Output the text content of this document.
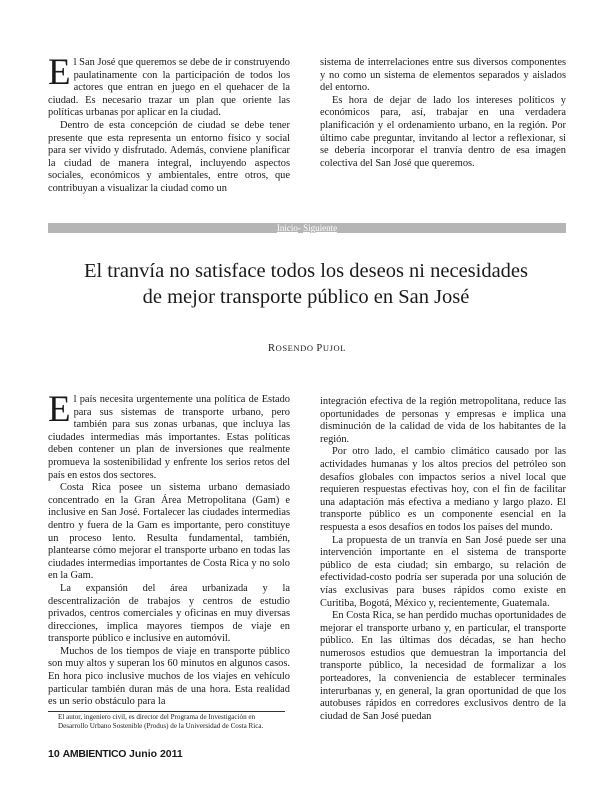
El San José que queremos se debe de ir construyendo paulatinamente con la participación de todos los actores que entran en juego en el quehacer de la ciudad. Es necesario trazar un plan que oriente las políticas urbanas por aplicar en la ciudad.

Dentro de esta concepción de ciudad se debe tener presente que esta representa un entorno físico y social para ser vivido y disfrutado. Además, conviene planificar la ciudad de manera integral, incluyendo aspectos sociales, económicos y ambientales, entre otros, que contribuyan a visualizar la ciudad como un

sistema de interrelaciones entre sus diversos componentes y no como un sistema de elementos separados y aislados del entorno.

Es hora de dejar de lado los intereses políticos y económicos para, así, trabajar en una verdadera planificación y el ordenamiento urbano, en la región. Por último cabe preguntar, invitando al lector a reflexionar, si se debería incorporar el tranvía dentro de esa imagen colectiva del San José que queremos.

Inicio- Siguiente
El tranvía no satisface todos los deseos ni necesidades
de mejor transporte público en San José
ROSENDO PUJOL

El país necesita urgentemente una política de Estado para sus sistemas de transporte urbano, pero también para sus zonas urbanas, que incluya las ciudades intermedias más importantes. Estas políticas deben contener un plan de inversiones que realmente promueva la sostenibilidad y enfrente los serios retos del país en estos dos sectores.

Costa Rica posee un sistema urbano demasiado concentrado en la Gran Área Metropolitana (Gam) e inclusive en San José. Fortalecer las ciudades intermedias dentro y fuera de la Gam es importante, pero constituye un proceso lento. Resulta fundamental, también, plantearse cómo mejorar el transporte urbano en todas las ciudades intermedias importantes de Costa Rica y no solo en la Gam.

La expansión del área urbanizada y la descentralización de trabajos y centros de estudio privados, centros comerciales y oficinas en muy diversas direcciones, implica mayores tiempos de viaje en transporte público e inclusive en automóvil.

Muchos de los tiempos de viaje en transporte público son muy altos y superan los 60 minutos en algunos casos. En hora pico inclusive muchos de los viajes en vehículo particular también duran más de una hora. Esta realidad es un serio obstáculo para la

integración efectiva de la región metropolitana, reduce las oportunidades de personas y empresas e implica una disminución de la calidad de vida de los habitantes de la región.

Por otro lado, el cambio climático causado por las actividades humanas y los altos precios del petróleo son desafíos globales con impactos serios a nivel local que requieren respuestas efectivas hoy, con el fin de facilitar una adaptación más efectiva a mediano y largo plazo. El transporte público es un componente esencial en la respuesta a esos desafíos en todos los países del mundo.

La propuesta de un tranvía en San José puede ser una intervención importante en el sistema de transporte público de esta ciudad; sin embargo, su relación de efectividad-costo podría ser superada por una solución de vías exclusivas para buses rápidos como existe en Curitiba, Bogotá, México y, recientemente, Guatemala.

En Costa Rica, se han perdido muchas oportunidades de mejorar el transporte urbano y, en particular, el transporte público. En las últimas dos décadas, se han hecho numerosos estudios que demuestran la importancia del transporte público, la necesidad de formalizar a los porteadores, la conveniencia de establecer terminales interurbanas y, en general, la gran oportunidad de que los autobuses rápidos en corredores exclusivos dentro de la ciudad de San José puedan

El autor, ingeniero civil, es director del Programa de Investigación en Desarrollo Urbano Sostenible (Produs) de la Universidad de Costa Rica.
10 AMBIENTICO Junio 2011
